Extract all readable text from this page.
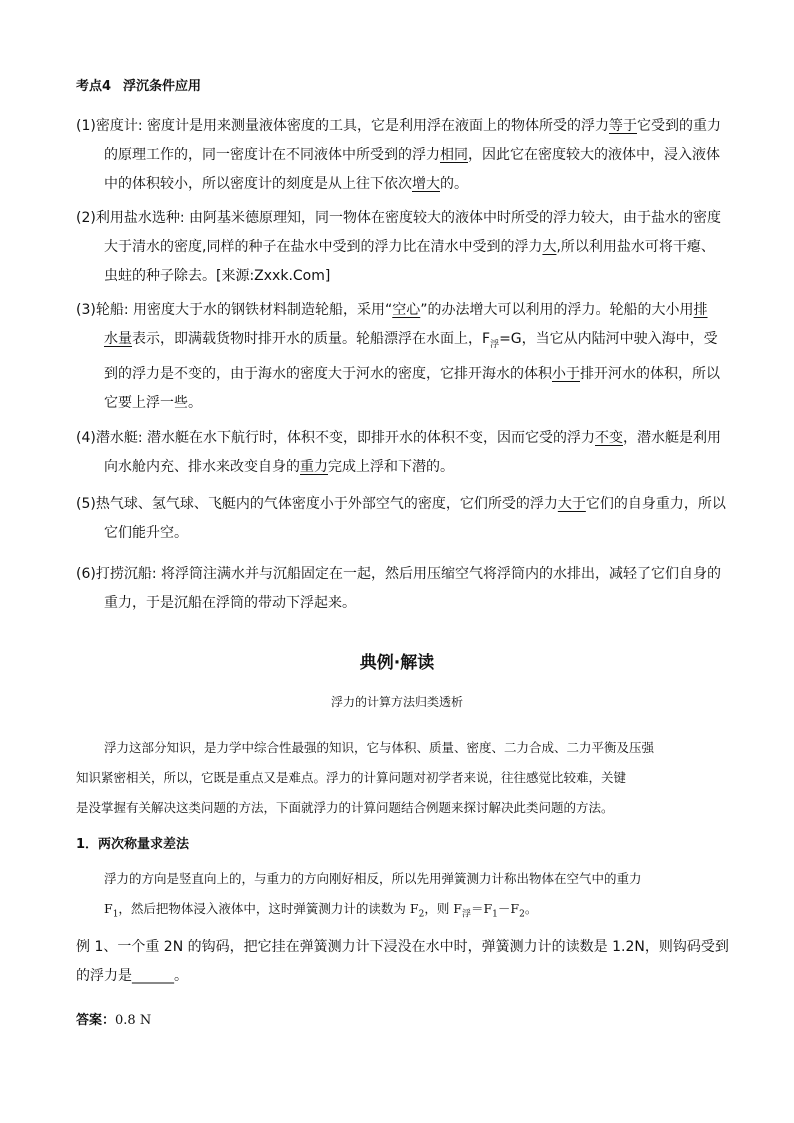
考点4 浮沉条件应用
(1)密度计: 密度计是用来测量液体密度的工具，它是利用浮在液面上的物体所受的浮力等于它受到的重力
的原理工作的，同一密度计在不同液体中所受到的浮力相同，因此它在密度较大的液体中，浸入液体
中的体积较小，所以密度计的刻度是从上往下依次增大的。
(2)利用盐水选种: 由阿基米德原理知，同一物体在密度较大的液体中时所受的浮力较大，由于盐水的密度
大于清水的密度,同样的种子在盐水中受到的浮力比在清水中受到的浮力大,所以利用盐水可将干瘪、
虫蛀的种子除去。[来源:Zxxk.Com]
(3)轮船: 用密度大于水的钢铁材料制造轮船，采用“空心”的办法增大可以利用的浮力。轮船的大小用排
水量表示，即满载货物时排开水的质量。轮船漂浮在水面上，$F_浮=G$，当它从内陆河中驶入海中，受
到的浮力是不变的，由于海水的密度大于河水的密度，它排开海水的体积小于排开河水的体积，所以
它要上浮一些。
(4)潜水艇: 潜水艇在水下航行时，体积不变，即排开水的体积不变，因而它受的浮力不变，潜水艇是利用
向水舱内充、排水来改变自身的重力完成上浮和下潜的。
(5)热气球、氢气球、飞艇内的气体密度小于外部空气的密度，它们所受的浮力大于它们的自身重力，所以
它们能升空。
(6)打捞沉船: 将浮筒注满水并与沉船固定在一起，然后用压缩空气将浮筒内的水排出，减轻了它们自身的
重力，于是沉船在浮筒的带动下浮起来。
典例·解读
浮力的计算方法归类透析
浮力这部分知识，是力学中综合性最强的知识，它与体积、质量、密度、二力合成、二力平衡及压强
知识紧密相关，所以，它既是重点又是难点。浮力的计算问题对初学者来说，往往感觉比较难，关键
是没掌握有关解决这类问题的方法，下面就浮力的计算问题结合例题来探讨解决此类问题的方法。
1．两次称量求差法
浮力的方向是竖直向上的，与重力的方向刚好相反，所以先用弹簧测力计称出物体在空气中的重力
$F_1$，然后把物体浸入液体中，这时弹簧测力计的读数为 $F_2$，则 $F_浮=F_1-F_2$。
例 1、一个重 2N 的钩码，把它挂在弹簧测力计下浸没在水中时，弹簧测力计的读数是 1.2N，则钩码受到
的浮力是______。
答案：0.8 N
